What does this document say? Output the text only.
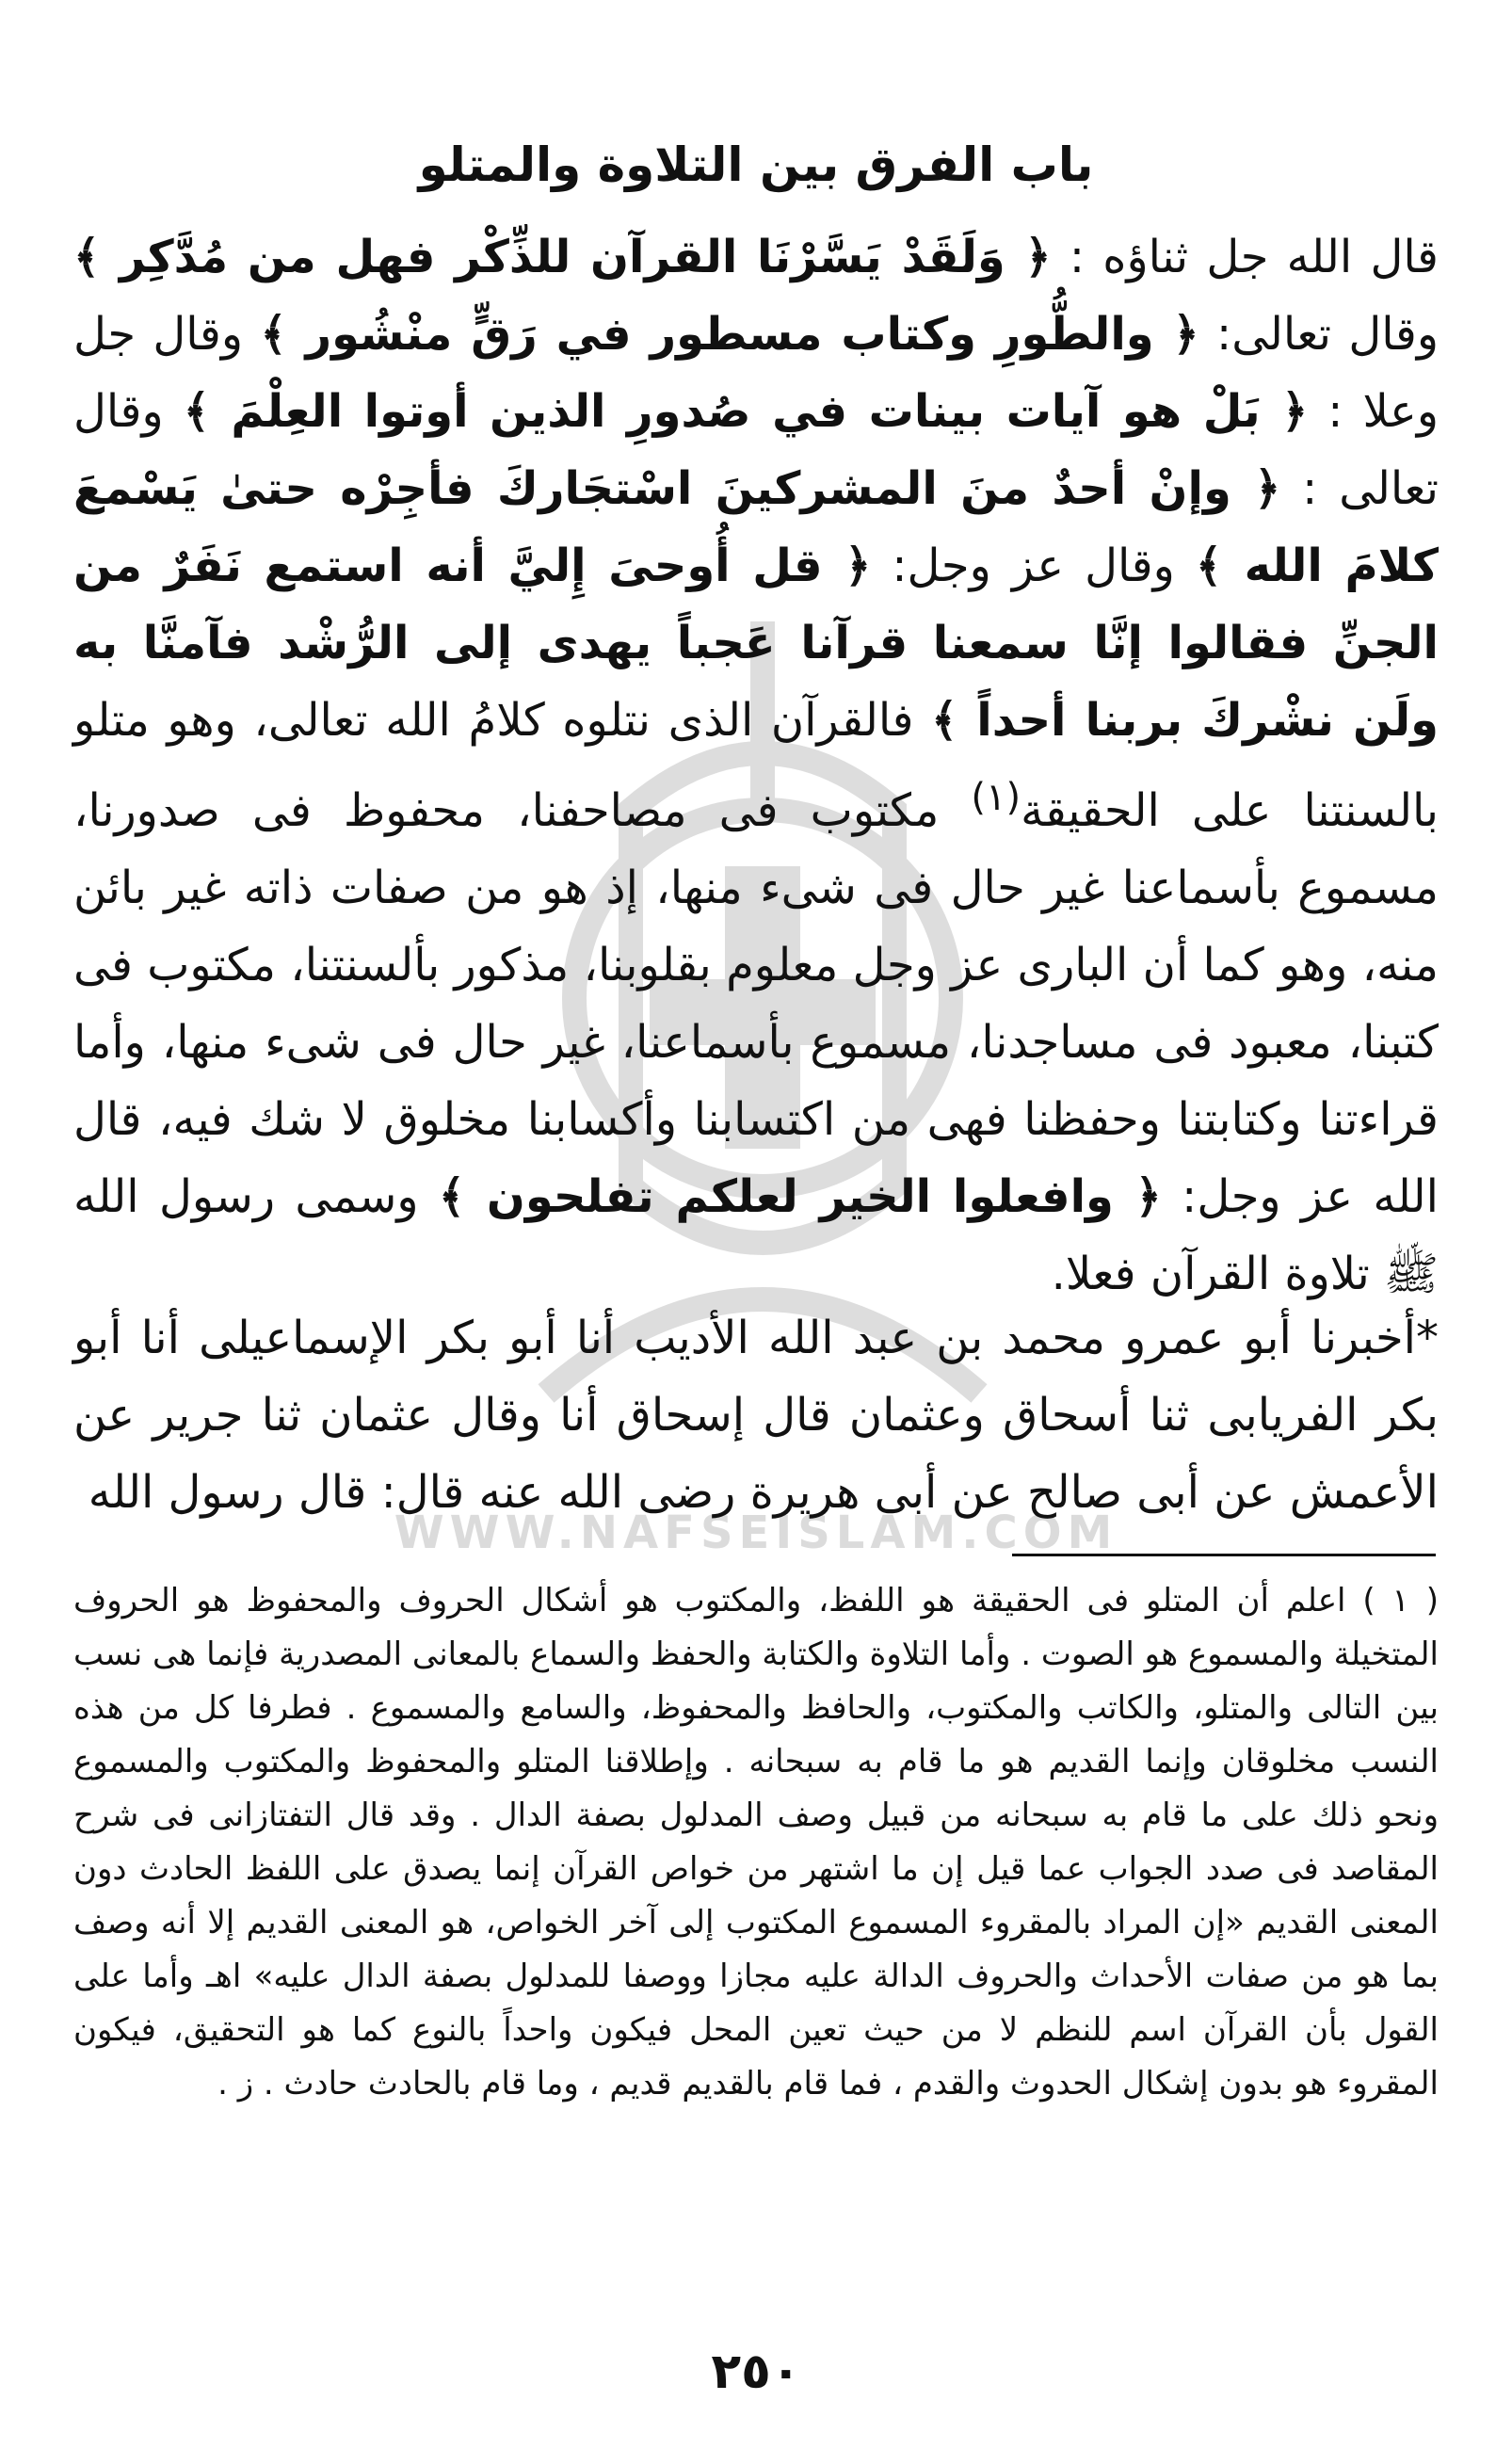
WWW.NAFSEISLAM.COM
باب الفرق بين التلاوة والمتلو

قال الله جل ثناؤه : ﴿ وَلَقَدْ يَسَّرْنَا القرآن للذِّكْر فهل من مُدَّكِر ﴾ وقال تعالى: ﴿ والطُّورِ وكتاب مسطور في رَقٍّ منْشُور ﴾ وقال جل وعلا : ﴿ بَلْ هو آيات بينات في صُدورِ الذين أوتوا العِلْمَ ﴾ وقال تعالى : ﴿ وإنْ أحدٌ منَ المشركينَ اسْتجَاركَ فأجِرْه حتىٰ يَسْمعَ كلامَ الله ﴾ وقال عز وجل: ﴿ قل أُوحىَ إِليَّ أنه استمع نَفَرٌ من الجنِّ فقالوا إنَّا سمعنا قرآنا عَجباً يهدى إلى الرُّشْد فآمنَّا به ولَن نشْركَ بربنا أحداً ﴾ فالقرآن الذى نتلوه كلامُ الله تعالى، وهو متلو بالسنتنا على الحقيقة$^{(١)}$ مكتوب فى مصاحفنا، محفوظ فى صدورنا، مسموع بأسماعنا غير حال فى شىء منها، إذ هو من صفات ذاته غير بائن منه، وهو كما أن البارى عز وجل معلوم بقلوبنا، مذكور بألسنتنا، مكتوب فى كتبنا، معبود فى مساجدنا، مسموع بأسماعنا، غير حال فى شىء منها، وأما قراءتنا وكتابتنا وحفظنا فهى من اكتسابنا وأكسابنا مخلوق لا شك فيه، قال الله عز وجل: ﴿ وافعلوا الخير لعلكم تفلحون ﴾ وسمى رسول الله ﷺ تلاوة القرآن فعلا.

*أخبرنا أبو عمرو محمد بن عبد الله الأديب أنا أبو بكر الإسماعيلى أنا أبو بكر الفريابى ثنا أسحاق وعثمان قال إسحاق أنا وقال عثمان ثنا جرير عن الأعمش عن أبى صالح عن أبى هريرة رضى الله عنه قال: قال رسول الله

( ١ ) اعلم أن المتلو فى الحقيقة هو اللفظ، والمكتوب هو أشكال الحروف والمحفوظ هو الحروف المتخيلة والمسموع هو الصوت . وأما التلاوة والكتابة والحفظ والسماع بالمعانى المصدرية فإنما هى نسب بين التالى والمتلو، والكاتب والمكتوب، والحافظ والمحفوظ، والسامع والمسموع . فطرفا كل من هذه النسب مخلوقان وإنما القديم هو ما قام به سبحانه . وإطلاقنا المتلو والمحفوظ والمكتوب والمسموع ونحو ذلك على ما قام به سبحانه من قبيل وصف المدلول بصفة الدال . وقد قال التفتازانى فى شرح المقاصد فى صدد الجواب عما قيل إن ما اشتهر من خواص القرآن إنما يصدق على اللفظ الحادث دون المعنى القديم «إن المراد بالمقروء المسموع المكتوب إلى آخر الخواص، هو المعنى القديم إلا أنه وصف بما هو من صفات الأحداث والحروف الدالة عليه مجازا ووصفا للمدلول بصفة الدال عليه» اهـ وأما على القول بأن القرآن اسم للنظم لا من حيث تعين المحل فيكون واحداً بالنوع كما هو التحقيق، فيكون المقروء هو بدون إشكال الحدوث والقدم ، فما قام بالقديم قديم ، وما قام بالحادث حادث . ز .

٢٥٠
